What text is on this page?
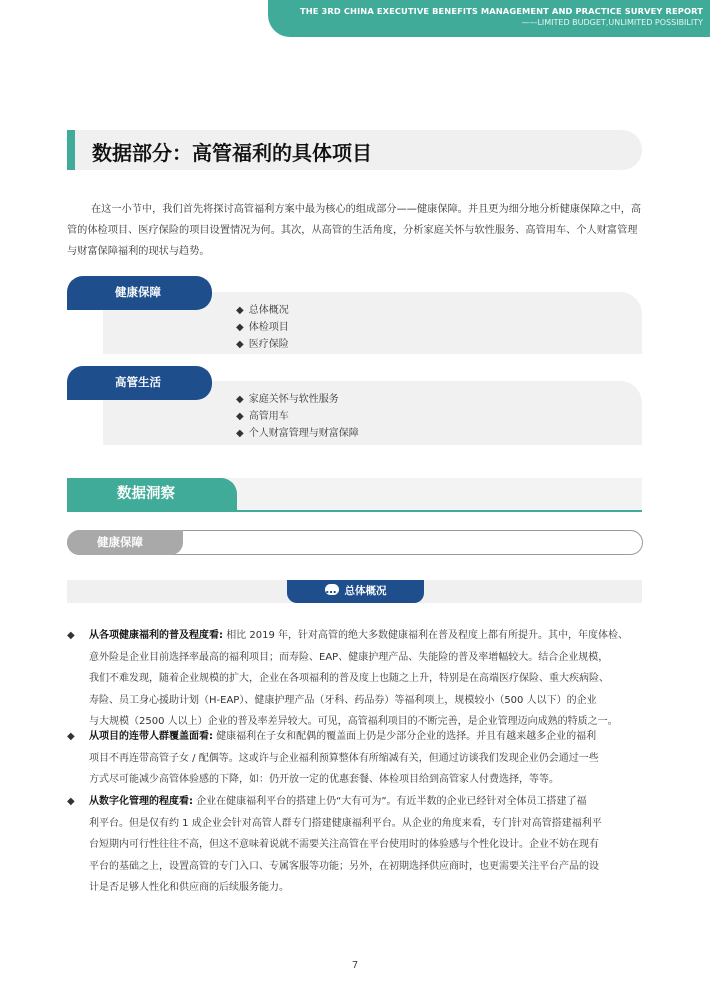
THE 3RD CHINA EXECUTIVE BENEFITS MANAGEMENT AND PRACTICE SURVEY REPORT
——LIMITED BUDGET,UNLIMITED POSSIBILITY
数据部分：高管福利的具体项目

在这一小节中，我们首先将探讨高管福利方案中最为核心的组成部分——健康保障。并且更为细分地分析健康保障之中，高管的体检项目、医疗保险的项目设置情况为何。其次，从高管的生活角度，分析家庭关怀与软性服务、高管用车、个人财富管理与财富保障福利的现状与趋势。

健康保障
◆ 总体概况
◆ 体检项目
◆ 医疗保险
高管生活
◆ 家庭关怀与软性服务
◆ 高管用车
◆ 个人财富管理与财富保障
数据洞察
健康保障
…总体概况
◆ 从各项健康福利的普及程度看: 相比 2019 年，针对高管的绝大多数健康福利在普及程度上都有所提升。其中，年度体检、
意外险是企业目前选择率最高的福利项目；而寿险、EAP、健康护理产品、失能险的普及率增幅较大。结合企业规模，
我们不难发现，随着企业规模的扩大，企业在各项福利的普及度上也随之上升，特别是在高端医疗保险、重大疾病险、
寿险、员工身心援助计划（H-EAP）、健康护理产品（牙科、药品券）等福利项上，规模较小（500 人以下）的企业
与大规模（2500 人以上）企业的普及率差异较大。可见，高管福利项目的不断完善，是企业管理迈向成熟的特质之一。
◆ 从项目的连带人群覆盖面看: 健康福利在子女和配偶的覆盖面上仍是少部分企业的选择。并且有越来越多企业的福利
项目不再连带高管子女 / 配偶等。这或许与企业福利预算整体有所缩减有关，但通过访谈我们发现企业仍会通过一些
方式尽可能减少高管体验感的下降，如：仍开放一定的优惠套餐、体检项目给到高管家人付费选择，等等。
◆ 从数字化管理的程度看: 企业在健康福利平台的搭建上仍“大有可为”。有近半数的企业已经针对全体员工搭建了福
利平台。但是仅有约 1 成企业会针对高管人群专门搭建健康福利平台。从企业的角度来看，专门针对高管搭建福利平
台短期内可行性往往不高，但这不意味着说就不需要关注高管在平台使用时的体验感与个性化设计。企业不妨在现有
平台的基础之上，设置高管的专门入口、专属客服等功能；另外，在初期选择供应商时，也更需要关注平台产品的设
计是否足够人性化和供应商的后续服务能力。
7
